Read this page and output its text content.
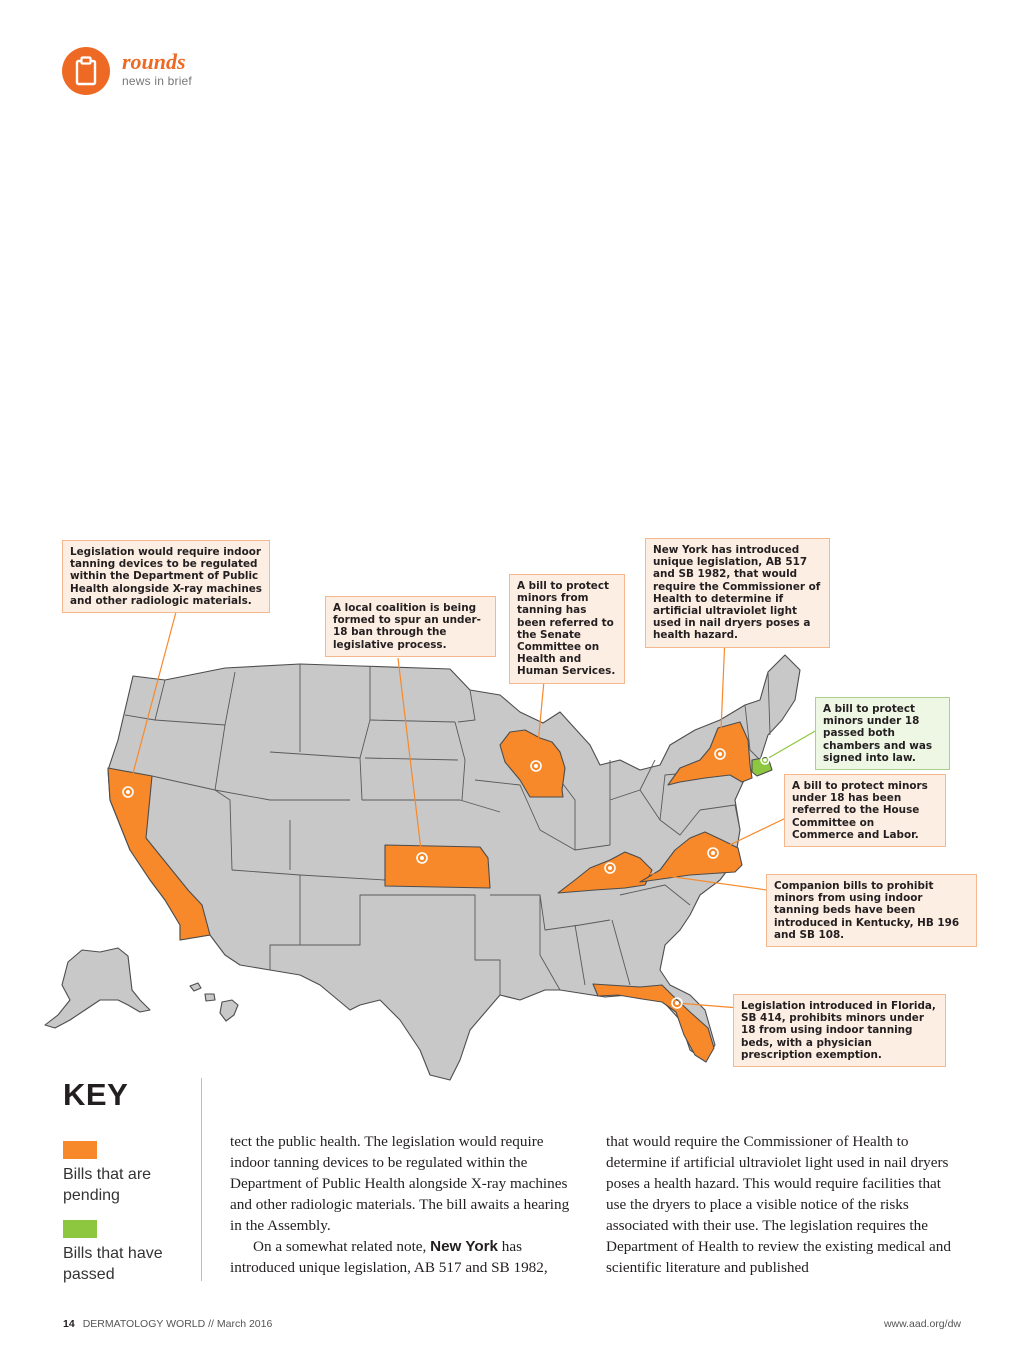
rounds
news in brief
Legislation would require indoor tanning devices to be regulated within the Department of Public Health alongside X-ray machines and other radiologic materials.
A local coalition is being formed to spur an under-18 ban through the legislative process.
A bill to protect minors from tanning has been referred to the Senate Committee on Health and Human Services.
New York has introduced unique legislation, AB 517 and SB 1982, that would require the Commissioner of Health to determine if artificial ultraviolet light used in nail dryers poses a health hazard.
A bill to protect minors under 18 passed both chambers and was signed into law.
A bill to protect minors under 18 has been referred to the House Committee on Commerce and Labor.
Companion bills to prohibit minors from using indoor tanning beds have been introduced in Kentucky, HB 196 and SB 108.
Legislation introduced in Florida, SB 414, prohibits minors under 18 from using indoor tanning beds, with a physician prescription exemption.
KEY
Bills that are pending
Bills that have passed

tect the public health. The legislation would require indoor tanning devices to be regulated within the Department of Public Health alongside X-ray machines and other radiologic materials. The bill awaits a hearing in the Assembly.

On a somewhat related note, New York has introduced unique legislation, AB 517 and SB 1982,

that would require the Commissioner of Health to determine if artificial ultraviolet light used in nail dryers poses a health hazard. This would require facilities that use the dryers to place a visible notice of the risks associated with their use. The legislation requires the Department of Health to review the existing medical and scientific literature and published

14 DERMATOLOGY WORLD // March 2016	www.aad.org/dw
